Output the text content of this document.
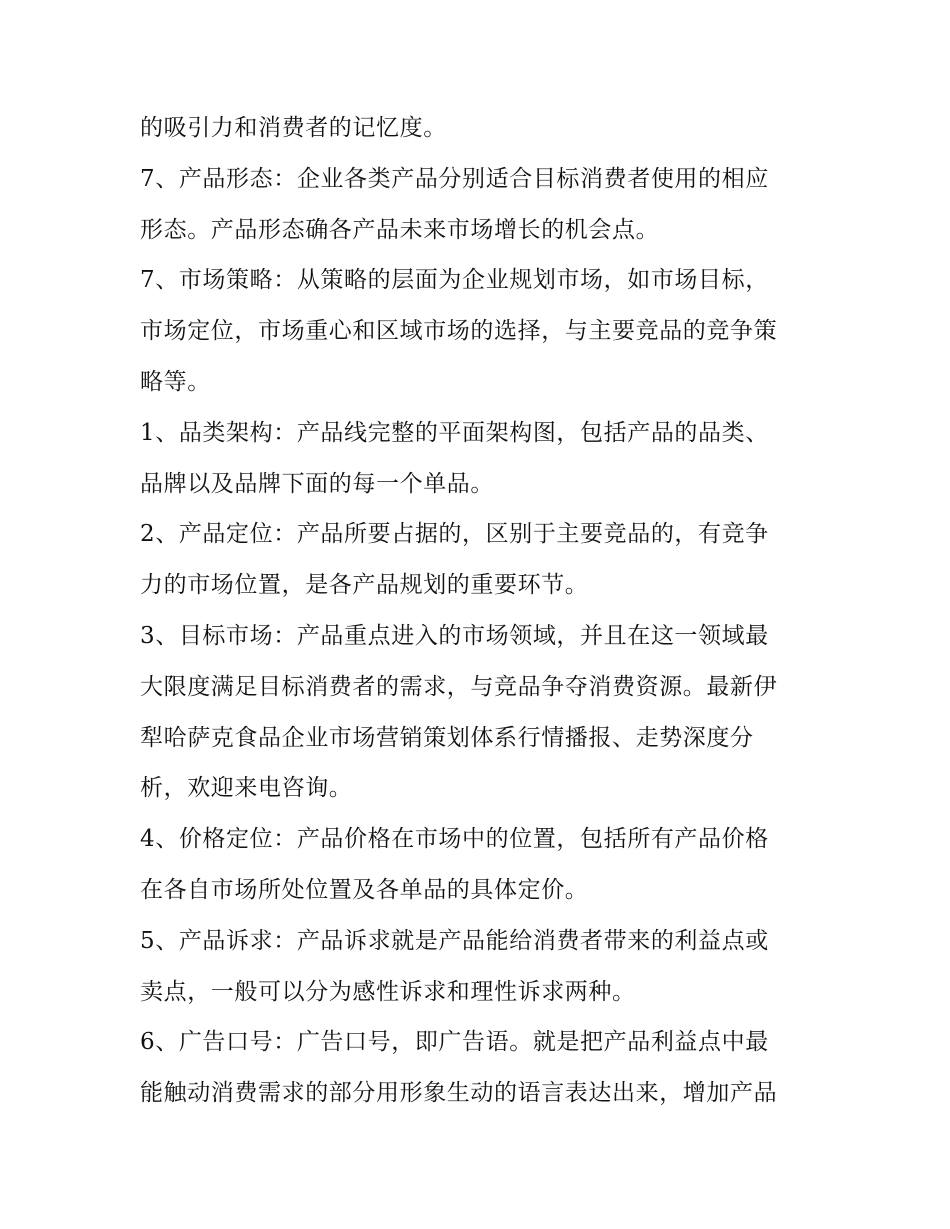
的吸引力和消费者的记忆度。
7、产品形态：企业各类产品分别适合目标消费者使用的相应
形态。产品形态确各产品未来市场增长的机会点。
7、市场策略：从策略的层面为企业规划市场，如市场目标，
市场定位，市场重心和区域市场的选择，与主要竞品的竞争策
略等。
1、品类架构：产品线完整的平面架构图，包括产品的品类、
品牌以及品牌下面的每一个单品。
2、产品定位：产品所要占据的，区别于主要竞品的，有竞争
力的市场位置，是各产品规划的重要环节。
3、目标市场：产品重点进入的市场领域，并且在这一领域最
大限度满足目标消费者的需求，与竞品争夺消费资源。最新伊
犁哈萨克食品企业市场营销策划体系行情播报、走势深度分
析，欢迎来电咨询。
4、价格定位：产品价格在市场中的位置，包括所有产品价格
在各自市场所处位置及各单品的具体定价。
5、产品诉求：产品诉求就是产品能给消费者带来的利益点或
卖点，一般可以分为感性诉求和理性诉求两种。
6、广告口号：广告口号，即广告语。就是把产品利益点中最
能触动消费需求的部分用形象生动的语言表达出来，增加产品
